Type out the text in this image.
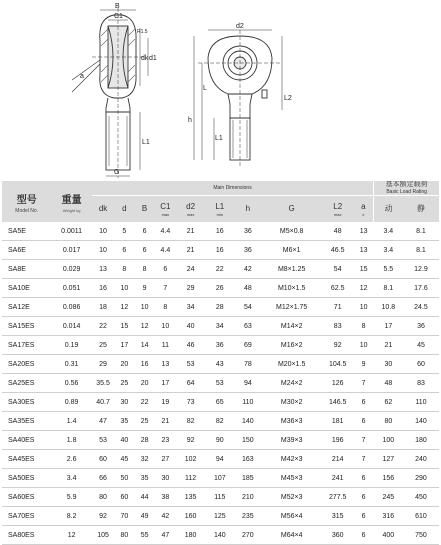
B
C1
R1.5
dk d1
a
L1
G
d2
L
h
L1
L2
型号
Model No.	重量
Weight kg	Main Dimensions										基本额定载荷
Basic Load Rating	

		dk	d	B	C1
max	d2
max	L1
min	h	G	L2
max	a
≥	动	静
SA5E	0.0011	10	5	6	4.4	21	16	36	M5×0.8	48	13	3.4	8.1
SA6E	0.017	10	6	6	4.4	21	16	36	M6×1	46.5	13	3.4	8.1
SA8E	0.029	13	8	8	6	24	22	42	M8×1.25	54	15	5.5	12.9
SA10E	0.051	16	10	9	7	29	26	48	M10×1.5	62.5	12	8.1	17.6
SA12E	0.086	18	12	10	8	34	28	54	M12×1.75	71	10	10.8	24.5
SA15ES	0.014	22	15	12	10	40	34	63	M14×2	83	8	17	36
SA17ES	0.19	25	17	14	11	46	36	69	M16×2	92	10	21	45
SA20ES	0.31	29	20	16	13	53	43	78	M20×1.5	104.5	9	30	60
SA25ES	0.56	35.5	25	20	17	64	53	94	M24×2	126	7	48	83
SA30ES	0.89	40.7	30	22	19	73	65	110	M30×2	146.5	6	62	110
SA35ES	1.4	47	35	25	21	82	82	140	M36×3	181	6	80	140
SA40ES	1.8	53	40	28	23	92	90	150	M39×3	196	7	100	180
SA45ES	2.6	60	45	32	27	102	94	163	M42×3	214	7	127	240
SA50ES	3.4	66	50	35	30	112	107	185	M45×3	241	6	156	290
SA60ES	5.9	80	60	44	38	135	115	210	M52×3	277.5	6	245	450
SA70ES	8.2	92	70	49	42	160	125	235	M56×4	315	6	316	610
SA80ES	12	105	80	55	47	180	140	270	M64×4	360	6	400	750
